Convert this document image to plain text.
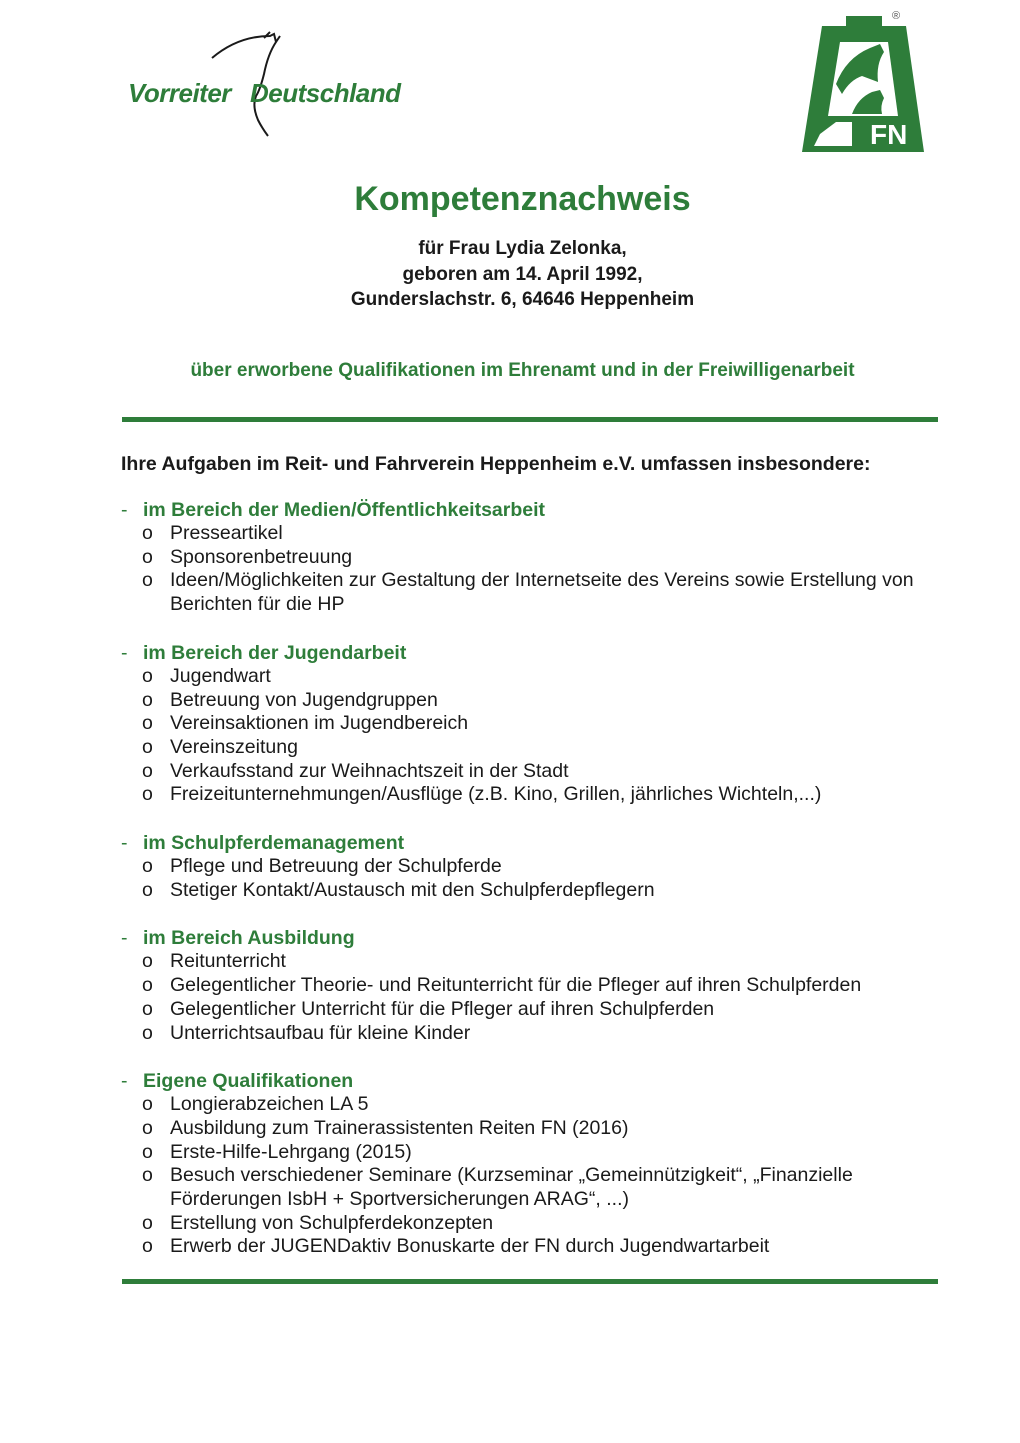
Vorreiter Deutschland
FN
®
Kompetenznachweis
für Frau Lydia Zelonka,
geboren am 14. April 1992,
Gunderslachstr. 6, 64646 Heppenheim
über erworbene Qualifikationen im Ehrenamt und in der Freiwilligenarbeit
Ihre Aufgaben im Reit- und Fahrverein Heppenheim e.V. umfassen insbesondere:
- im Bereich der Medien/Öffentlichkeitsarbeit
o Presseartikel
o Sponsorenbetreuung
o Ideen/Möglichkeiten zur Gestaltung der Internetseite des Vereins sowie Erstellung von Berichten für die HP
- im Bereich der Jugendarbeit
o Jugendwart
o Betreuung von Jugendgruppen
o Vereinsaktionen im Jugendbereich
o Vereinszeitung
o Verkaufsstand zur Weihnachtszeit in der Stadt
o Freizeitunternehmungen/Ausflüge (z.B. Kino, Grillen, jährliches Wichteln,...)
- im Schulpferdemanagement
o Pflege und Betreuung der Schulpferde
o Stetiger Kontakt/Austausch mit den Schulpferdepflegern
- im Bereich Ausbildung
o Reitunterricht
o Gelegentlicher Theorie- und Reitunterricht für die Pfleger auf ihren Schulpferden
o Gelegentlicher Unterricht für die Pfleger auf ihren Schulpferden
o Unterrichtsaufbau für kleine Kinder
- Eigene Qualifikationen
o Longierabzeichen LA 5
o Ausbildung zum Trainerassistenten Reiten FN (2016)
o Erste-Hilfe-Lehrgang (2015)
o Besuch verschiedener Seminare (Kurzseminar „Gemeinnützigkeit“, „Finanzielle Förderungen IsbH + Sportversicherungen ARAG“, ...)
o Erstellung von Schulpferdekonzepten
o Erwerb der JUGENDaktiv Bonuskarte der FN durch Jugendwartarbeit
